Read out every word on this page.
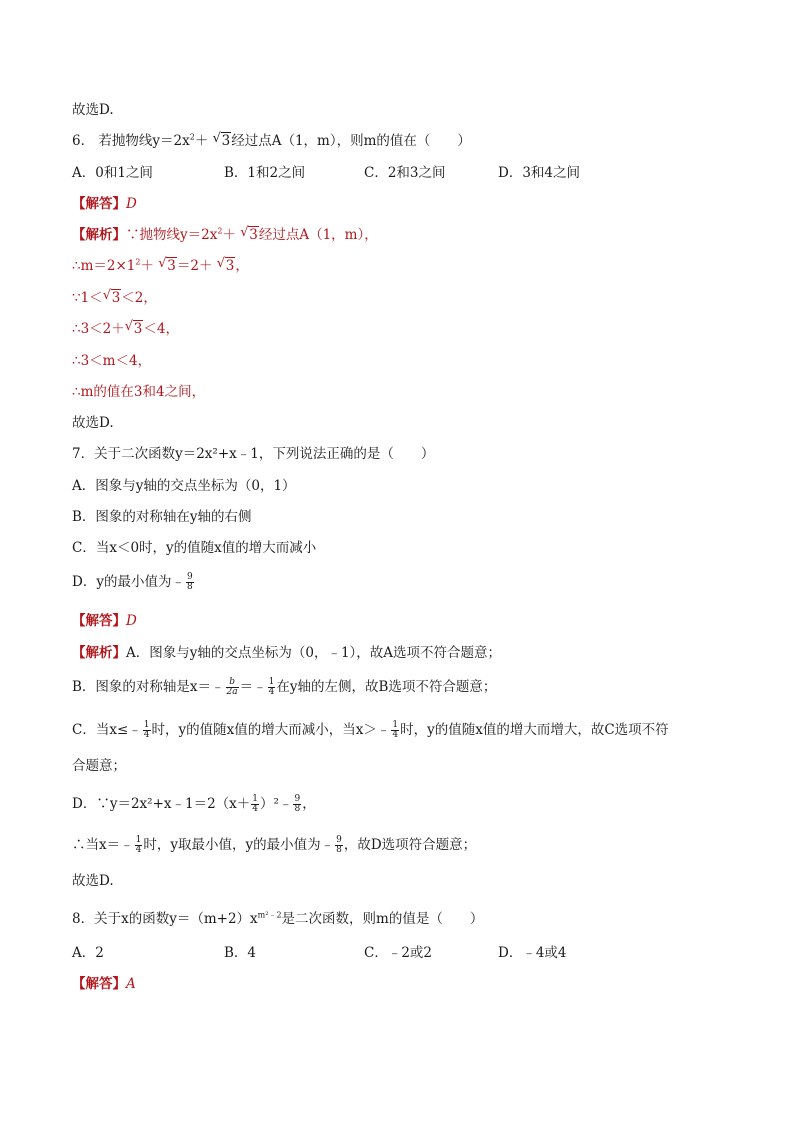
故选D.
6． 若抛物线$y=2x^2+$ √ 3经过点A（1，m），则m的值在（　　）
A．0和1之间	B．1和2之间	C．2和3之间	D．3和4之间
【解答】D
【解析】∵抛物线$y=2x^2+$ √ 3经过点A（1，m），
$\therefore m=2\times 1^2+$ √ 3＝2＋ √ 3，
∵1＜ √ 3＜2，
∴3＜2＋ √ 3＜4，
∴3＜m＜4，
∴m的值在3和4之间，
故选D.
7．关于二次函数y＝2x²+x﹣1，下列说法正确的是（　　）
A．图象与y轴的交点坐标为（0，1）
B．图象的对称轴在y轴的右侧
C．当x＜0时，y的值随x值的增大而减小
D．y的最小值为﹣ $\frac{9}{8}$
【解答】D
【解析】A．图象与y轴的交点坐标为（0，﹣1），故A选项不符合题意；
B．图象的对称轴是x＝﹣ $\frac{b}{2a}$ ＝﹣ $\frac{1}{4}$ 在y轴的左侧，故B选项不符合题意；
C．当x≤﹣ $\frac{1}{4}$ 时，y的值随x值的增大而减小，当x＞﹣ $\frac{1}{4}$ 时，y的值随x值的增大而增大，故C选项不符
合题意；
D．∵y＝2x²+x﹣1＝2（x＋ $\frac{1}{4}$ ）²﹣ $\frac{9}{8}$ ，
∴当x＝﹣ $\frac{1}{4}$ 时，y取最小值，y的最小值为﹣ $\frac{9}{8}$ ，故D选项符合题意；
故选D.
8．关于x的函数$y=(m+2)x^{m^2﹣2}$是二次函数，则m的值是（　　）
A．2	B．4	C．﹣2或2	D．﹣4或4
【解答】A
